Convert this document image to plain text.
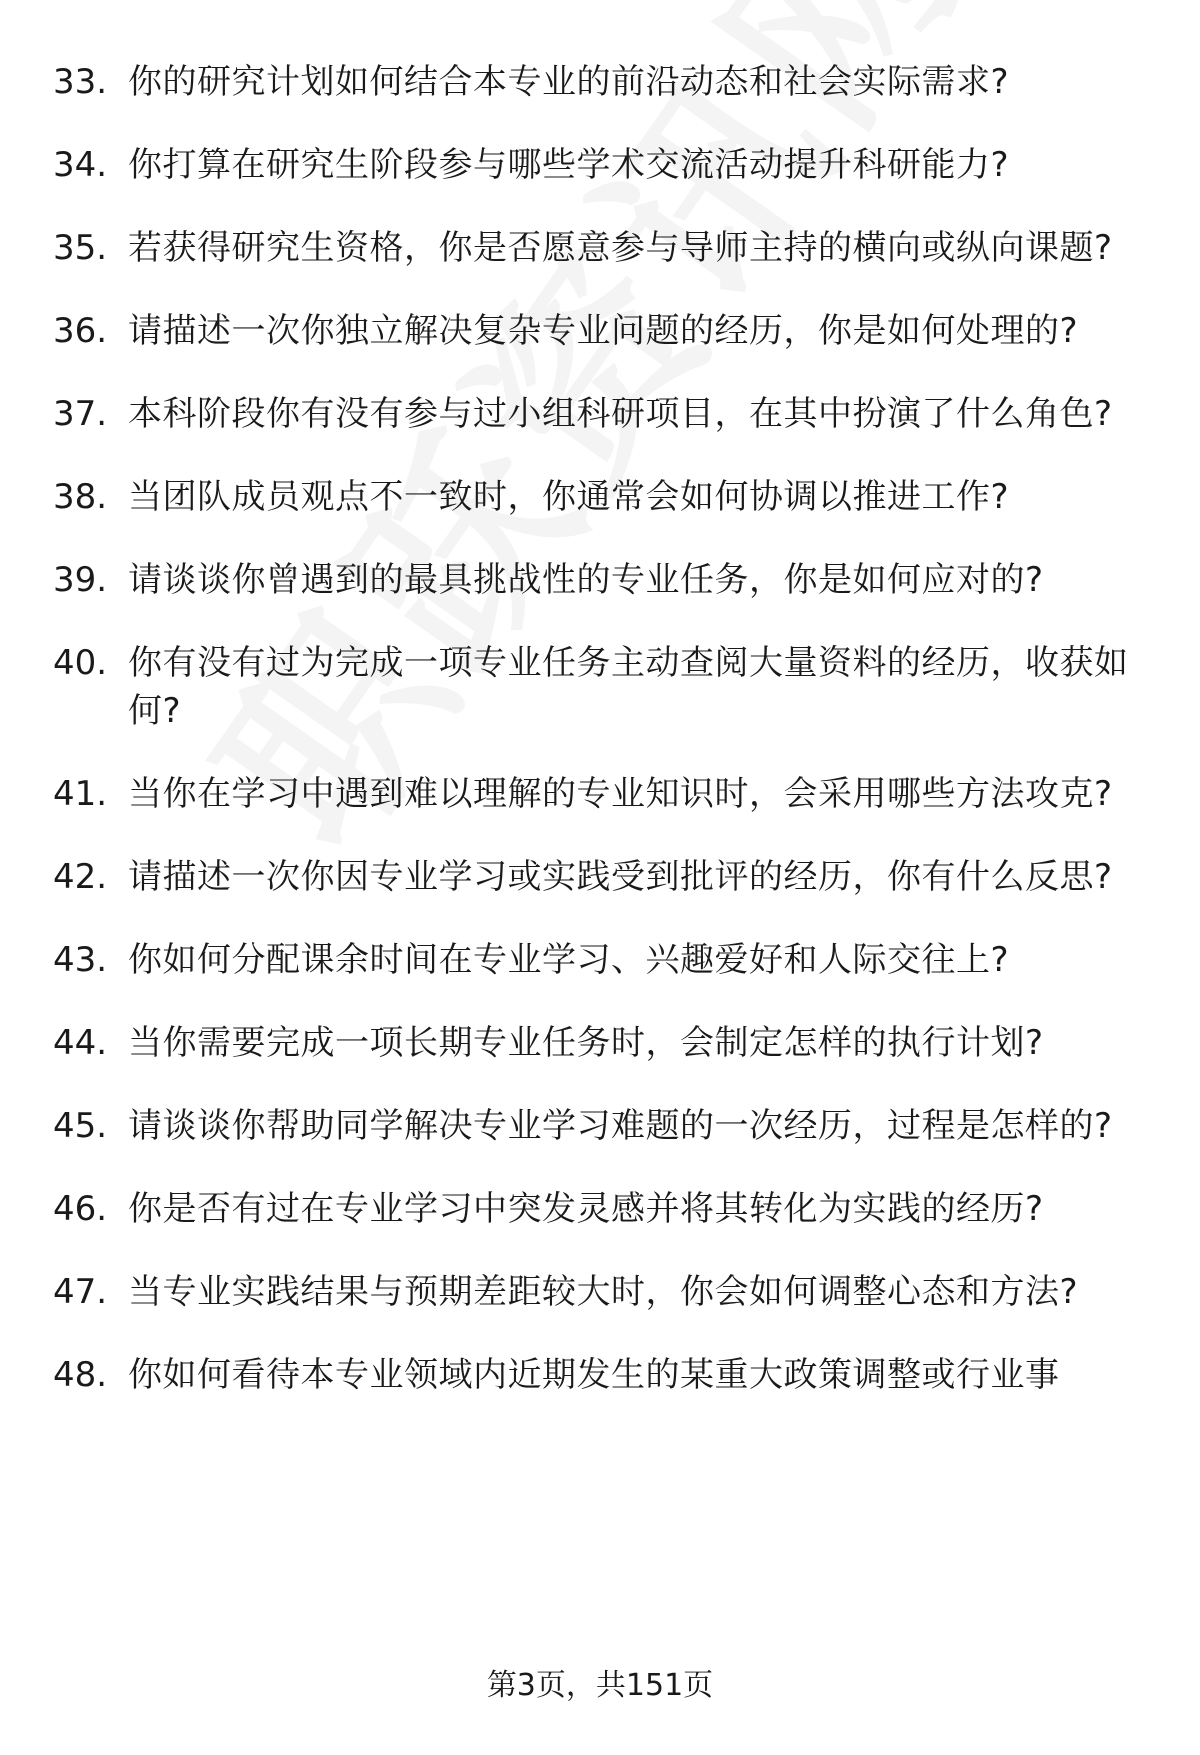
33. 你的研究计划如何结合本专业的前沿动态和社会实际需求?
34. 你打算在研究生阶段参与哪些学术交流活动提升科研能力?
35. 若获得研究生资格，你是否愿意参与导师主持的横向或纵向课题?
36. 请描述一次你独立解决复杂专业问题的经历，你是如何处理的?
37. 本科阶段你有没有参与过小组科研项目，在其中扮演了什么角色?
38. 当团队成员观点不一致时，你通常会如何协调以推进工作?
39. 请谈谈你曾遇到的最具挑战性的专业任务，你是如何应对的?
40. 你有没有过为完成一项专业任务主动查阅大量资料的经历，收获如何?
41. 当你在学习中遇到难以理解的专业知识时，会采用哪些方法攻克?
42. 请描述一次你因专业学习或实践受到批评的经历，你有什么反思?
43. 你如何分配课余时间在专业学习、兴趣爱好和人际交往上?
44. 当你需要完成一项长期专业任务时，会制定怎样的执行计划?
45. 请谈谈你帮助同学解决专业学习难题的一次经历，过程是怎样的?
46. 你是否有过在专业学习中突发灵感并将其转化为实践的经历?
47. 当专业实践结果与预期差距较大时，你会如何调整心态和方法?
48. 你如何看待本专业领域内近期发生的某重大政策调整或行业事
第3页，共151页
